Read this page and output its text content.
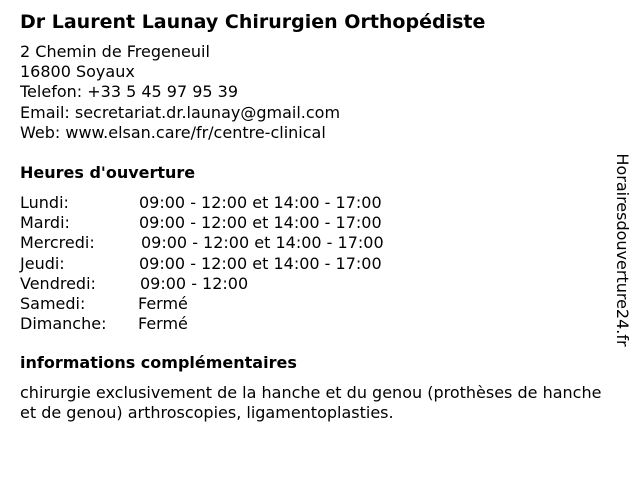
Dr Laurent Launay Chirurgien Orthopédiste
2 Chemin de Fregeneuil
16800 Soyaux
Telefon: +33 5 45 97 95 39
Email: secretariat.dr.launay@gmail.com
Web: www.elsan.care/fr/centre-clinical
Heures d'ouverture
Lundi:	09:00 - 12:00 et 14:00 - 17:00
Mardi:	09:00 - 12:00 et 14:00 - 17:00
Mercredi:	09:00 - 12:00 et 14:00 - 17:00
Jeudi:	09:00 - 12:00 et 14:00 - 17:00
Vendredi:	09:00 - 12:00
Samedi:	Fermé
Dimanche: Fermé
informations complémentaires
chirurgie exclusivement de la hanche et du genou (prothèses de hanche et de genou) arthroscopies, ligamentoplasties.
Horairesdouverture24.fr
